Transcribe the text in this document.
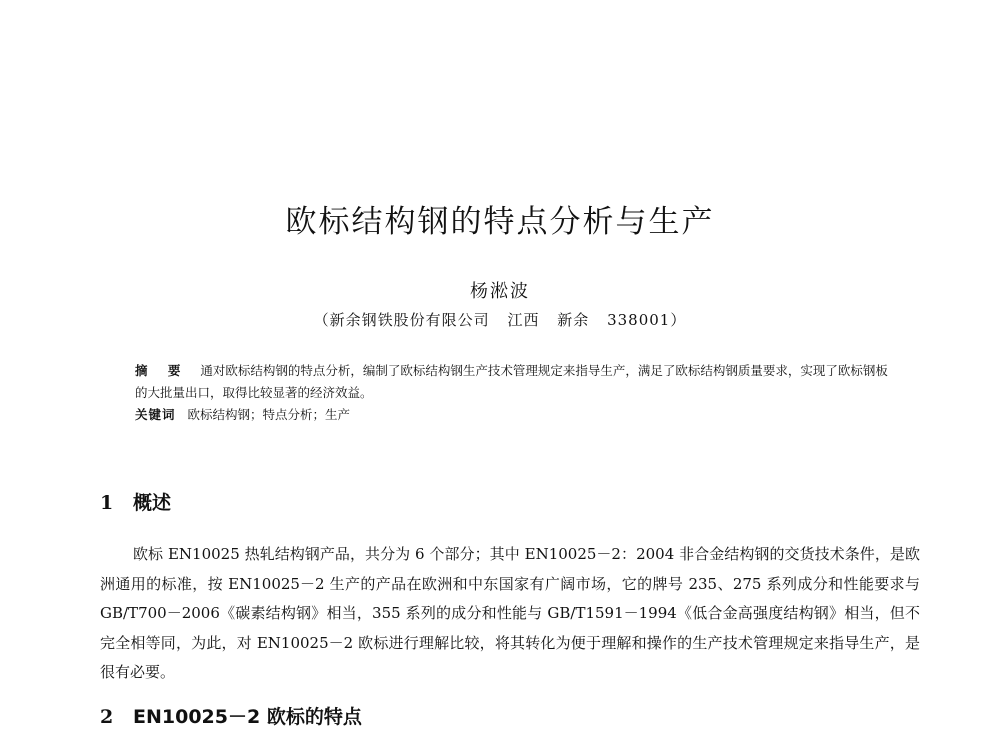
欧标结构钢的特点分析与生产
杨淞波
（新余钢铁股份有限公司 江西 新余 338001）

摘 要 通对欧标结构钢的特点分析，编制了欧标结构钢生产技术管理规定来指导生产，满足了欧标结构钢质量要求，实现了欧标钢板的大批量出口，取得比较显著的经济效益。

关键词 欧标结构钢；特点分析；生产

1 概述

欧标 EN10025 热轧结构钢产品，共分为 6 个部分；其中 EN10025－2：2004 非合金结构钢的交货技术条件，是欧洲通用的标准，按 EN10025－2 生产的产品在欧洲和中东国家有广阔市场，它的牌号 235、275 系列成分和性能要求与 GB/T700－2006《碳素结构钢》相当，355 系列的成分和性能与 GB/T1591－1994《低合金高强度结构钢》相当，但不完全相等同，为此，对 EN10025－2 欧标进行理解比较，将其转化为便于理解和操作的生产技术管理规定来指导生产，是很有必要。

2 EN10025－2 欧标的特点
